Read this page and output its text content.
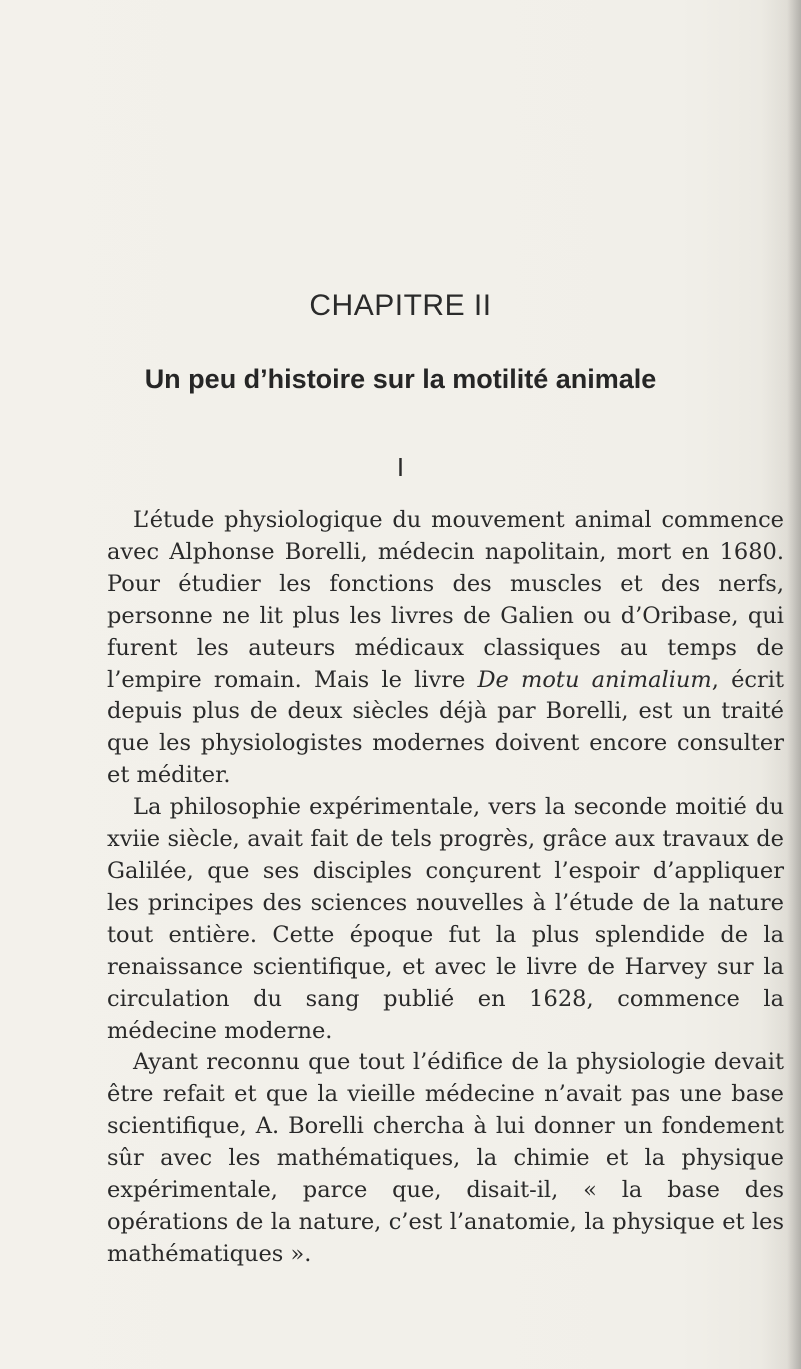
CHAPITRE II
Un peu d’histoire sur la motilité animale
I

L’étude physiologique du mouvement animal commence avec Alphonse Borelli, médecin napolitain, mort en 1680. Pour étudier les fonctions des muscles et des nerfs, personne ne lit plus les livres de Galien ou d’Oribase, qui furent les auteurs médicaux classiques au temps de l’empire romain. Mais le livre De motu animalium, écrit depuis plus de deux siècles déjà par Borelli, est un traité que les physiologistes modernes doivent encore consulter et méditer.

La philosophie expérimentale, vers la seconde moitié du xviie siècle, avait fait de tels progrès, grâce aux travaux de Galilée, que ses disciples conçurent l’espoir d’appliquer les principes des sciences nouvelles à l’étude de la nature tout entière. Cette époque fut la plus splendide de la renaissance scientifique, et avec le livre de Harvey sur la circulation du sang publié en 1628, commence la médecine moderne.

Ayant reconnu que tout l’édifice de la physiologie devait être refait et que la vieille médecine n’avait pas une base scientifique, A. Borelli chercha à lui donner un fondement sûr avec les mathématiques, la chimie et la physique expérimentale, parce que, disait-il, « la base des opérations de la nature, c’est l’anatomie, la physique et les mathématiques ».
